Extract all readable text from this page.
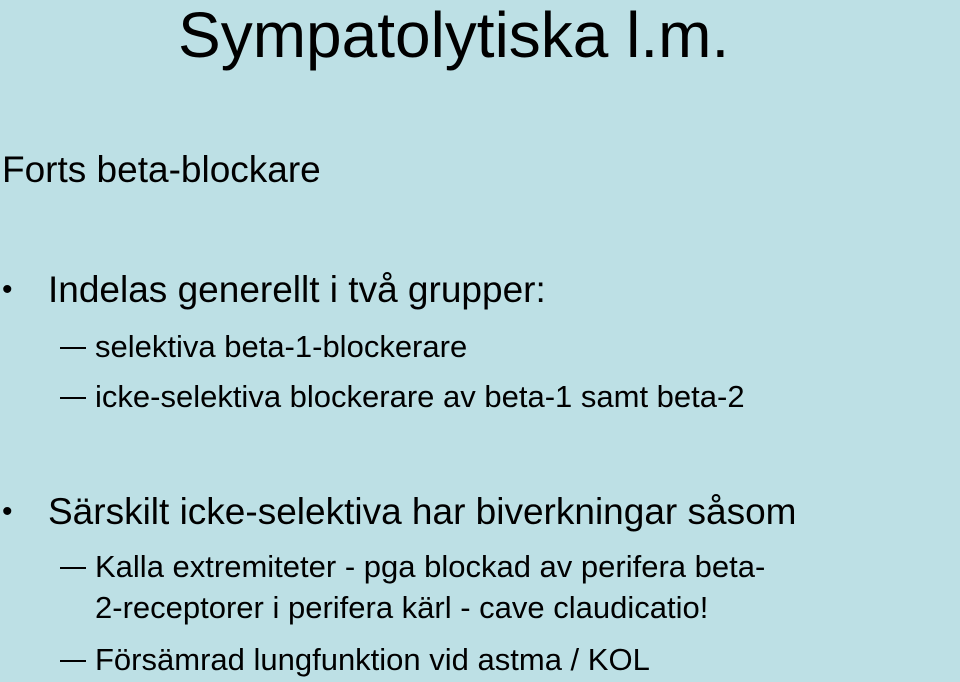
Sympatolytiska l.m.
Forts beta-blockare
• Indelas generellt i två grupper:
selektiva beta-1-blockerare
icke-selektiva blockerare av beta-1 samt beta-2
• Särskilt icke-selektiva har biverkningar såsom
Kalla extremiteter - pga blockad av perifera beta-
2-receptorer i perifera kärl - cave claudicatio!
Försämrad lungfunktion vid astma / KOL
